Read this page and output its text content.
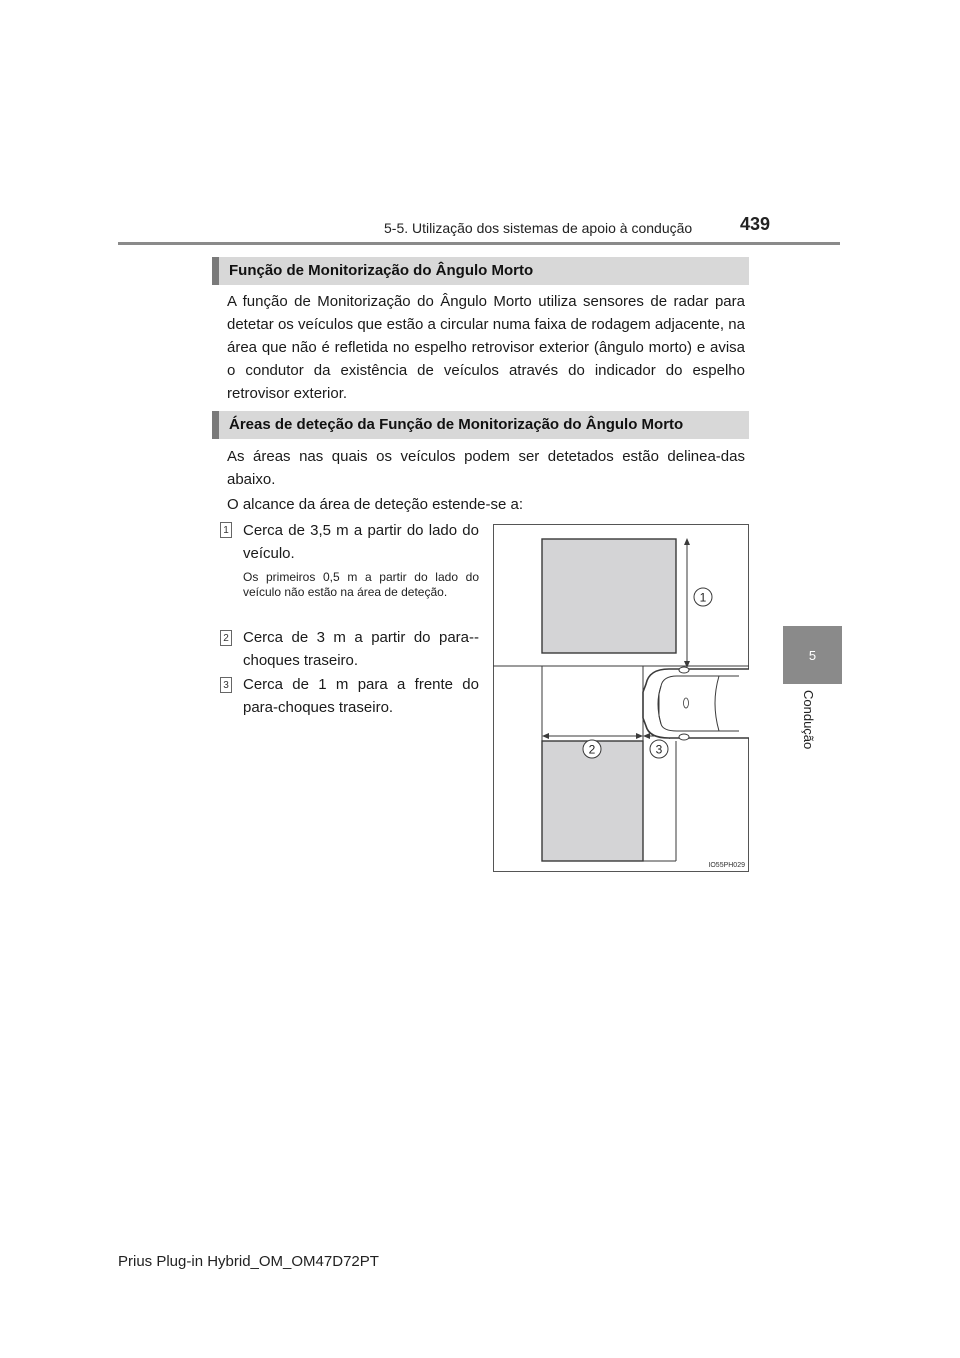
5-5. Utilização dos sistemas de apoio à condução	439
5
Condução
Função de Monitorização do Ângulo Morto
A função de Monitorização do Ângulo Morto utiliza sensores de radar para detetar os veículos que estão a circular numa faixa de rodagem adjacente, na área que não é refletida no espelho retrovisor exterior (ângulo morto) e avisa o condutor da existência de veículos através do indicador do espelho retrovisor exterior.
Áreas de deteção da Função de Monitorização do Ângulo Morto
As áreas nas quais os veículos podem ser detetados estão delinea-das abaixo.
O alcance da área de deteção estende-se a:
1 Cerca de 3,5 m a partir do lado do veículo.
Os primeiros 0,5 m a partir do lado do veículo não estão na área de deteção.
2 Cerca de 3 m a partir do para--choques traseiro.
3 Cerca de 1 m para a frente do para-choques traseiro.
1
2	3
IO55PH029
Prius Plug-in Hybrid_OM_OM47D72PT
